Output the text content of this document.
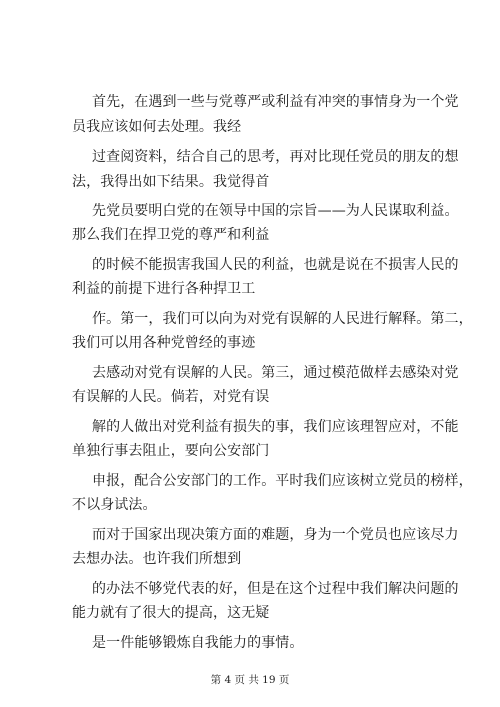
首先，在遇到一些与党尊严或利益有冲突的事情身为一个党
员我应该如何去处理。我经
过查阅资料，结合自己的思考，再对比现任党员的朋友的想
法，我得出如下结果。我觉得首
先党员要明白党的在领导中国的宗旨——为人民谋取利益。
那么我们在捍卫党的尊严和利益
的时候不能损害我国人民的利益，也就是说在不损害人民的
利益的前提下进行各种捍卫工
作。第一，我们可以向为对党有误解的人民进行解释。第二，
我们可以用各种党曾经的事迹
去感动对党有误解的人民。第三，通过模范做样去感染对党
有误解的人民。倘若，对党有误
解的人做出对党利益有损失的事，我们应该理智应对，不能
单独行事去阻止，要向公安部门
申报，配合公安部门的工作。平时我们应该树立党员的榜样，
不以身试法。
而对于国家出现决策方面的难题，身为一个党员也应该尽力
去想办法。也许我们所想到
的办法不够党代表的好，但是在这个过程中我们解决问题的
能力就有了很大的提高，这无疑
是一件能够锻炼自我能力的事情。
第 4 页 共 19 页
